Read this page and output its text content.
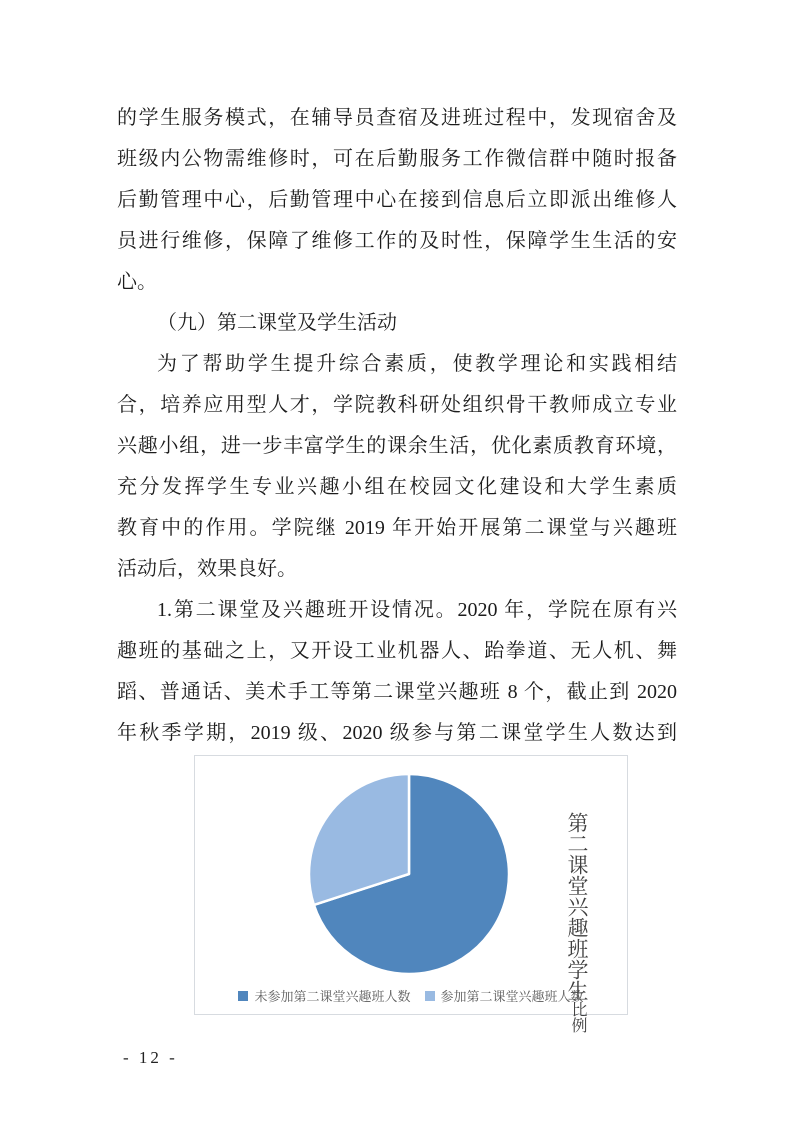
的学生服务模式，在辅导员查宿及进班过程中，发现宿舍及
班级内公物需维修时，可在后勤服务工作微信群中随时报备
后勤管理中心，后勤管理中心在接到信息后立即派出维修人
员进行维修，保障了维修工作的及时性，保障学生生活的安
心。
（九）第二课堂及学生活动
为了帮助学生提升综合素质，使教学理论和实践相结
合，培养应用型人才，学院教科研处组织骨干教师成立专业
兴趣小组，进一步丰富学生的课余生活，优化素质教育环境，
充分发挥学生专业兴趣小组在校园文化建设和大学生素质
教育中的作用。学院继 2019 年开始开展第二课堂与兴趣班
活动后，效果良好。
1.第二课堂及兴趣班开设情况。2020 年，学院在原有兴
趣班的基础之上，又开设工业机器人、跆拳道、无人机、舞
蹈、普通话、美术手工等第二课堂兴趣班 8 个，截止到 2020
年秋季学期，2019 级、2020 级参与第二课堂学生人数达到
第二课堂兴趣班学生比例
未参加第二课堂兴趣班人数 参加第二课堂兴趣班人数
- 12 -
